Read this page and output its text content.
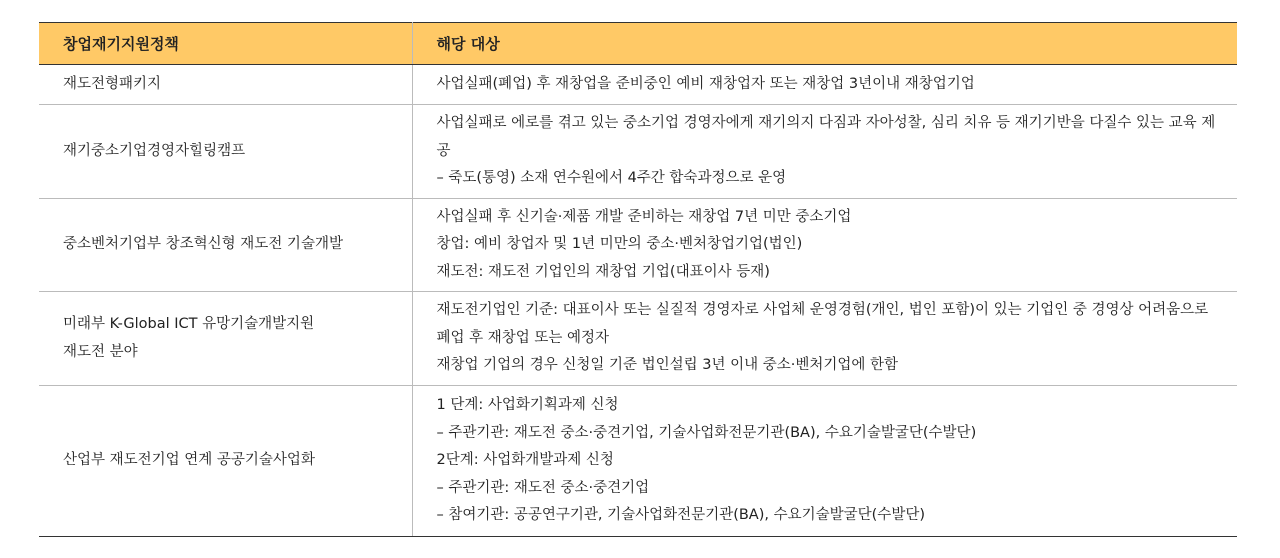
창업재기지원정책	해당 대상

재도전형패키지	사업실패(폐업) 후 재창업을 준비중인 예비 재창업자 또는 재창업 3년이내 재창업기업

재기중소기업경영자힐링캠프	사업실패로 에로를 겪고 있는 중소기업 경영자에게 재기의지 다짐과 자아성찰, 심리 치유 등 재기기반을 다질수 있는 교육 제공
– 죽도(통영) 소재 연수원에서 4주간 합숙과정으로 운영

중소벤처기업부 창조혁신형 재도전 기술개발	사업실패 후 신기술·제품 개발 준비하는 재창업 7년 미만 중소기업
창업: 예비 창업자 및 1년 미만의 중소·벤처창업기업(법인)
재도전: 재도전 기업인의 재창업 기업(대표이사 등재)

미래부 K-Global ICT 유망기술개발지원
재도전 분야	재도전기업인 기준: 대표이사 또는 실질적 경영자로 사업체 운영경험(개인, 법인 포함)이 있는 기업인 중 경영상 어려움으로 폐업 후 재창업 또는 예정자
재창업 기업의 경우 신청일 기준 법인설립 3년 이내 중소·벤처기업에 한함

산업부 재도전기업 연계 공공기술사업화	1 단계: 사업화기획과제 신청
– 주관기관: 재도전 중소·중견기업, 기술사업화전문기관(BA), 수요기술발굴단(수발단)
2단계: 사업화개발과제 신청
– 주관기관: 재도전 중소·중견기업
– 참여기관: 공공연구기관, 기술사업화전문기관(BA), 수요기술발굴단(수발단)
